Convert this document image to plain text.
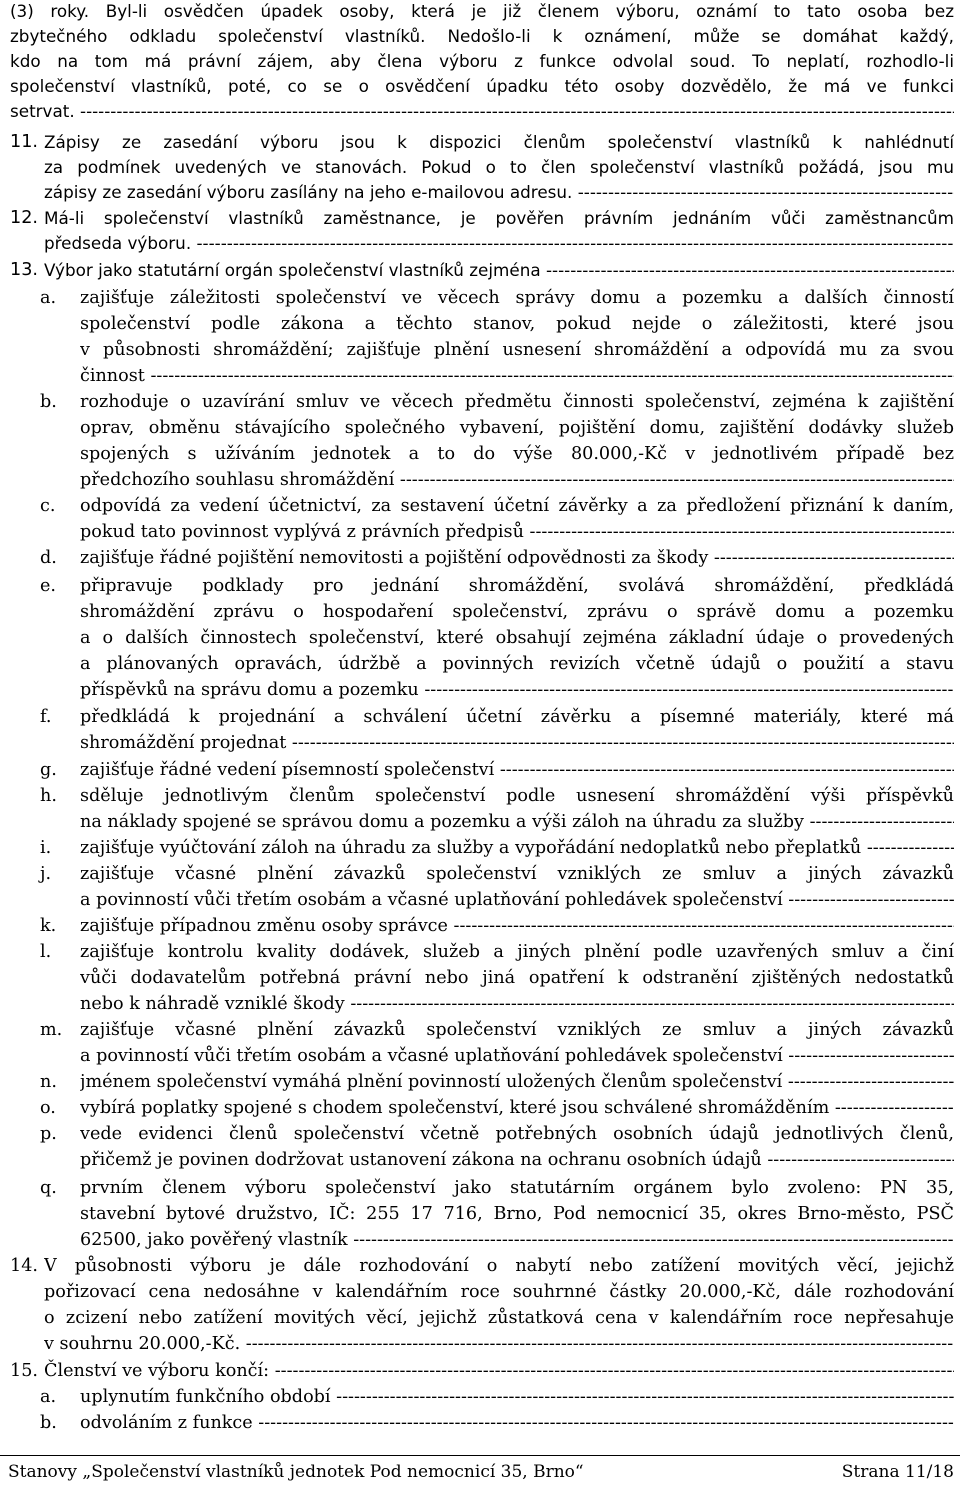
(3) roky. Byl-li osvědčen úpadek osoby, která je již členem výboru, oznámí to tato osoba bez
zbytečného odkladu společenství vlastníků. Nedošlo-li k oznámení, může se domáhat každý,
kdo na tom má právní zájem, aby člena výboru z funkce odvolal soud. To neplatí, rozhodlo-li
společenství vlastníků, poté, co se o osvědčení úpadku této osoby dozvědělo, že má ve funkci
setrvat. -----
11. Zápisy ze zasedání výboru jsou k dispozici členům společenství vlastníků k nahlédnutí
za podmínek uvedených ve stanovách. Pokud o to člen společenství vlastníků požádá, jsou mu
zápisy ze zasedání výboru zasílány na jeho e-mailovou adresu. -----
12. Má-li společenství vlastníků zaměstnance, je pověřen právním jednáním vůči zaměstnancům
předseda výboru. -----
13. Výbor jako statutární orgán společenství vlastníků zejména -----
a. zajišťuje záležitosti společenství ve věcech správy domu a pozemku a dalších činností
společenství podle zákona a těchto stanov, pokud nejde o záležitosti, které jsou
v působnosti shromáždění; zajišťuje plnění usnesení shromáždění a odpovídá mu za svou
činnost -----
b. rozhoduje o uzavírání smluv ve věcech předmětu činnosti společenství, zejména k zajištění
oprav, obměnu stávajícího společného vybavení, pojištění domu, zajištění dodávky služeb
spojených s užíváním jednotek a to do výše 80.000,-Kč v jednotlivém případě bez
předchozího souhlasu shromáždění -----
c. odpovídá za vedení účetnictví, za sestavení účetní závěrky a za předložení přiznání k daním,
pokud tato povinnost vyplývá z právních předpisů -----
d. zajišťuje řádné pojištění nemovitosti a pojištění odpovědnosti za škody -----
e. připravuje podklady pro jednání shromáždění, svolává shromáždění, předkládá
shromáždění zprávu o hospodaření společenství, zprávu o správě domu a pozemku
a o dalších činnostech společenství, které obsahují zejména základní údaje o provedených
a plánovaných opravách, údržbě a povinných revizích včetně údajů o použití a stavu
příspěvků na správu domu a pozemku -----
f. předkládá k projednání a schválení účetní závěrku a písemné materiály, které má
shromáždění projednat -----
g. zajišťuje řádné vedení písemností společenství -----
h. sděluje jednotlivým členům společenství podle usnesení shromáždění výši příspěvků
na náklady spojené se správou domu a pozemku a výši záloh na úhradu za služby -----
i. zajišťuje vyúčtování záloh na úhradu za služby a vypořádání nedoplatků nebo přeplatků -----
j. zajišťuje včasné plnění závazků společenství vzniklých ze smluv a jiných závazků
a povinností vůči třetím osobám a včasné uplatňování pohledávek společenství -----
k. zajišťuje případnou změnu osoby správce -----
l. zajišťuje kontrolu kvality dodávek, služeb a jiných plnění podle uzavřených smluv a činí
vůči dodavatelům potřebná právní nebo jiná opatření k odstranění zjištěných nedostatků
nebo k náhradě vzniklé škody -----
m. zajišťuje včasné plnění závazků společenství vzniklých ze smluv a jiných závazků
a povinností vůči třetím osobám a včasné uplatňování pohledávek společenství -----
n. jménem společenství vymáhá plnění povinností uložených členům společenství -----
o. vybírá poplatky spojené s chodem společenství, které jsou schválené shromážděním -----
p. vede evidenci členů společenství včetně potřebných osobních údajů jednotlivých členů,
přičemž je povinen dodržovat ustanovení zákona na ochranu osobních údajů -----
q. prvním členem výboru společenství jako statutárním orgánem bylo zvoleno: PN 35,
stavební bytové družstvo, IČ: 255 17 716, Brno, Pod nemocnicí 35, okres Brno-město, PSČ
62500, jako pověřený vlastník -----
14. V působnosti výboru je dále rozhodování o nabytí nebo zatížení movitých věcí, jejichž
pořizovací cena nedosáhne v kalendářním roce souhrnné částky 20.000,-Kč, dále rozhodování
o zcizení nebo zatížení movitých věcí, jejichž zůstatková cena v kalendářním roce nepřesahuje
v souhrnu 20.000,-Kč. -----
15. Členství ve výboru končí: -----
a. uplynutím funkčního období -----
b. odvoláním z funkce -----
Stanovy „Společenství vlastníků jednotek Pod nemocnicí 35, Brno“	Strana 11/18
